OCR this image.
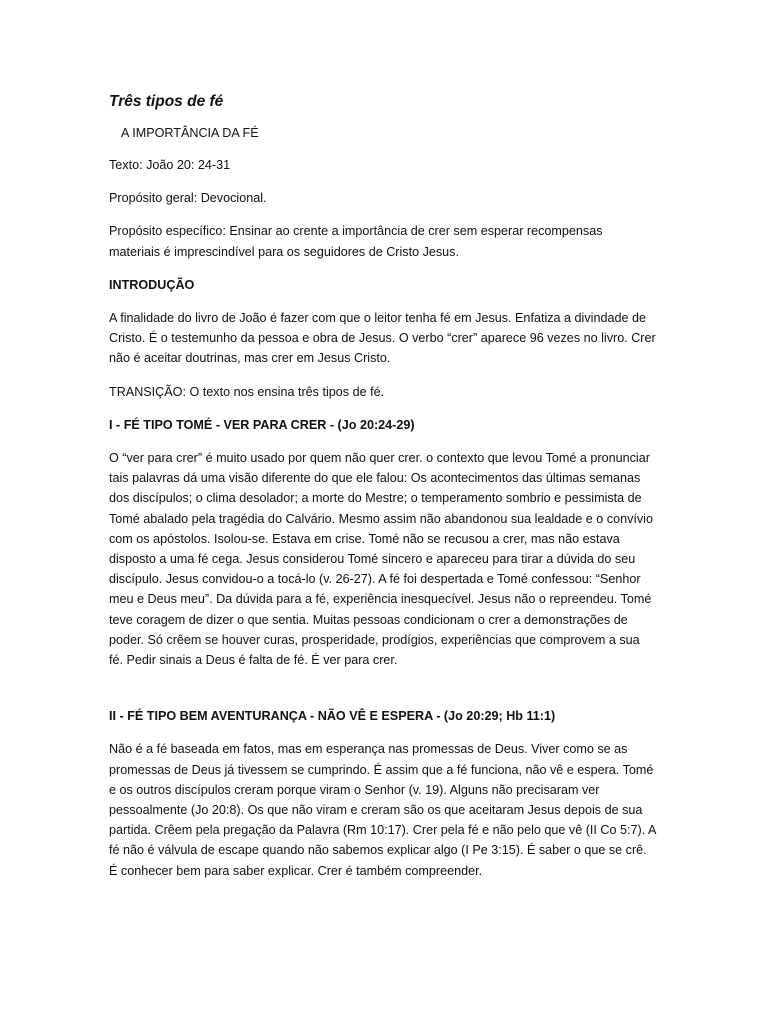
Três tipos de fé
A IMPORTÂNCIA DA FÉ

Texto: João 20: 24-31

Propósito geral: Devocional.

Propósito específico: Ensinar ao crente a importância de crer sem esperar recompensas materiais é imprescindível para os seguidores de Cristo Jesus.

INTRODUÇÃO

A finalidade do livro de João é fazer com que o leitor tenha fé em Jesus. Enfatiza a divindade de Cristo. É o testemunho da pessoa e obra de Jesus. O verbo “crer” aparece 96 vezes no livro. Crer não é aceitar doutrinas, mas crer em Jesus Cristo.

TRANSIÇÃO: O texto nos ensina três tipos de fé.

I - FÉ TIPO TOMÉ - VER PARA CRER - (Jo 20:24-29)

O “ver para crer” é muito usado por quem não quer crer. o contexto que levou Tomé a pronunciar tais palavras dá uma visão diferente do que ele falou: Os acontecimentos das últimas semanas dos discípulos; o clima desolador; a morte do Mestre; o temperamento sombrio e pessimista de Tomé abalado pela tragédia do Calvário. Mesmo assim não abandonou sua lealdade e o convívio com os apóstolos. Isolou-se. Estava em crise. Tomé não se recusou a crer, mas não estava disposto a uma fé cega. Jesus considerou Tomé sincero e apareceu para tirar a dúvida do seu discípulo. Jesus convidou-o a tocá-lo (v. 26-27). A fé foi despertada e Tomé confessou: “Senhor meu e Deus meu”. Da dúvida para a fé, experiência inesquecível. Jesus não o repreendeu. Tomé teve coragem de dizer o que sentia. Muitas pessoas condicionam o crer a demonstrações de poder. Só crêem se houver curas, prosperidade, prodígios, experiências que comprovem a sua fé. Pedir sinais a Deus é falta de fé. É ver para crer.

II - FÉ TIPO BEM AVENTURANÇA - NÃO VÊ E ESPERA - (Jo 20:29; Hb 11:1)

Não é a fé baseada em fatos, mas em esperança nas promessas de Deus. Viver como se as promessas de Deus já tivessem se cumprindo. É assim que a fé funciona, não vê e espera. Tomé e os outros discípulos creram porque viram o Senhor (v. 19). Alguns não precisaram ver pessoalmente (Jo 20:8). Os que não viram e creram são os que aceitaram Jesus depois de sua partida. Crêem pela pregação da Palavra (Rm 10:17). Crer pela fé e não pelo que vê (II Co 5:7). A fé não é válvula de escape quando não sabemos explicar algo (I Pe 3:15). É saber o que se crê. É conhecer bem para saber explicar. Crer é também compreender.
